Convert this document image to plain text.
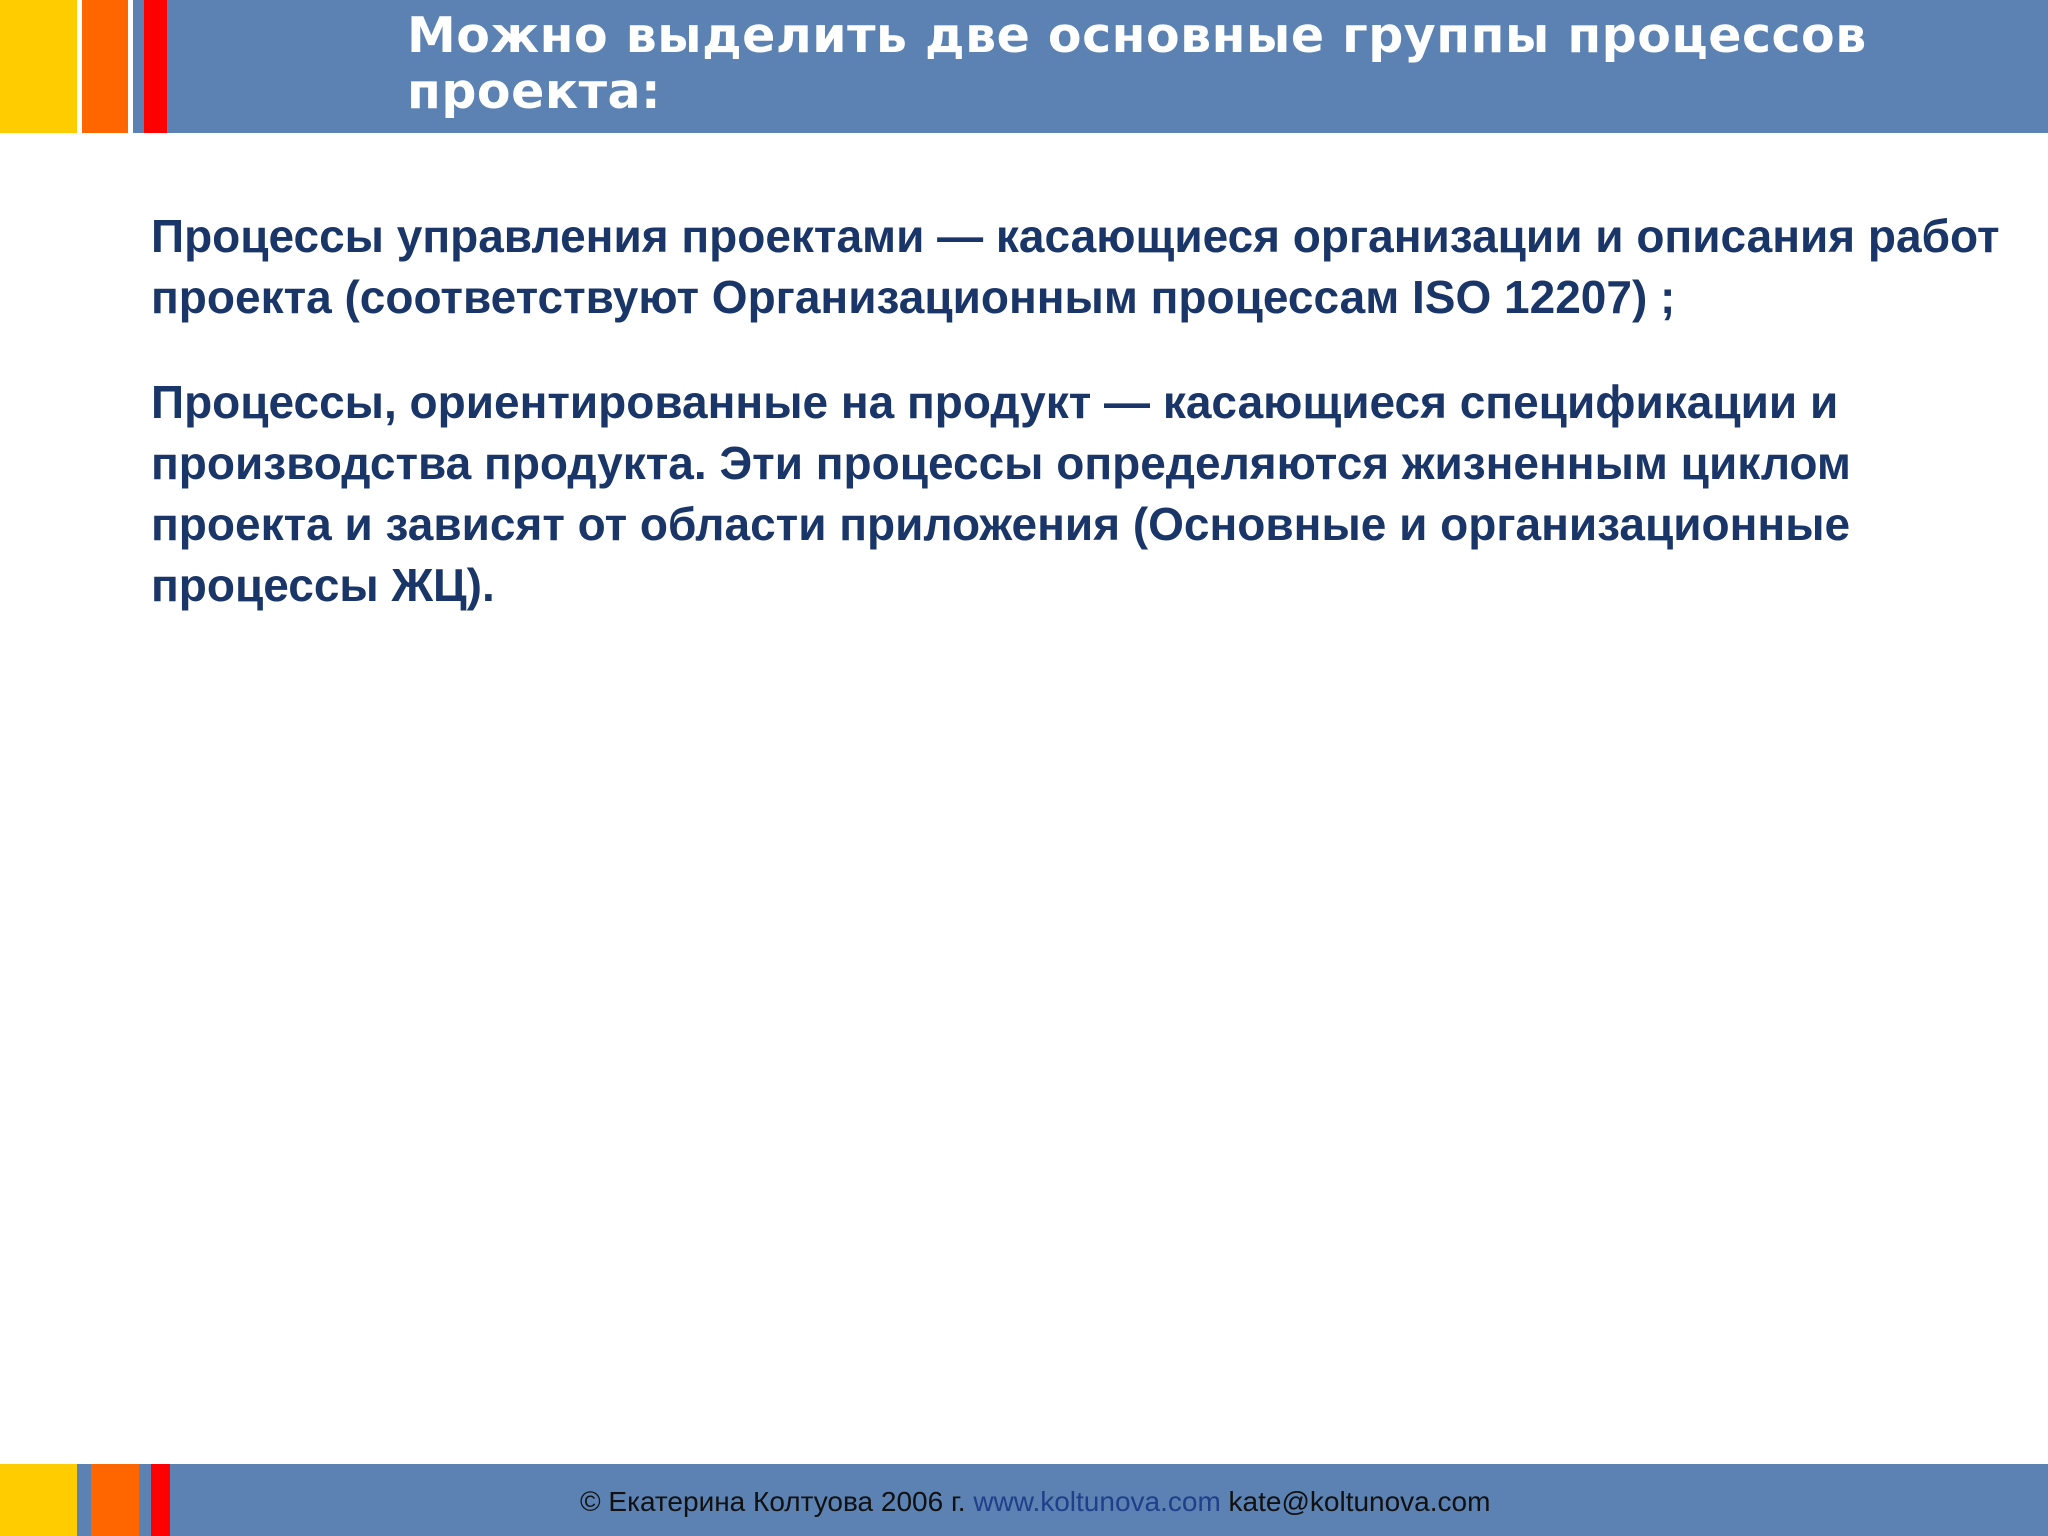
Можно выделить две основные группы процессов проекта:

Процессы управления проектами — касающиеся организации и описания работ проекта (соответствуют Организационным процессам ISO 12207) ;

Процессы, ориентированные на продукт — касающиеся спецификации и производства продукта. Эти процессы определяются жизненным циклом проекта и зависят от области приложения (Основные и организационные процессы ЖЦ).

© Екатерина Колтуова 2006 г. www.koltunova.com kate@koltunova.com
